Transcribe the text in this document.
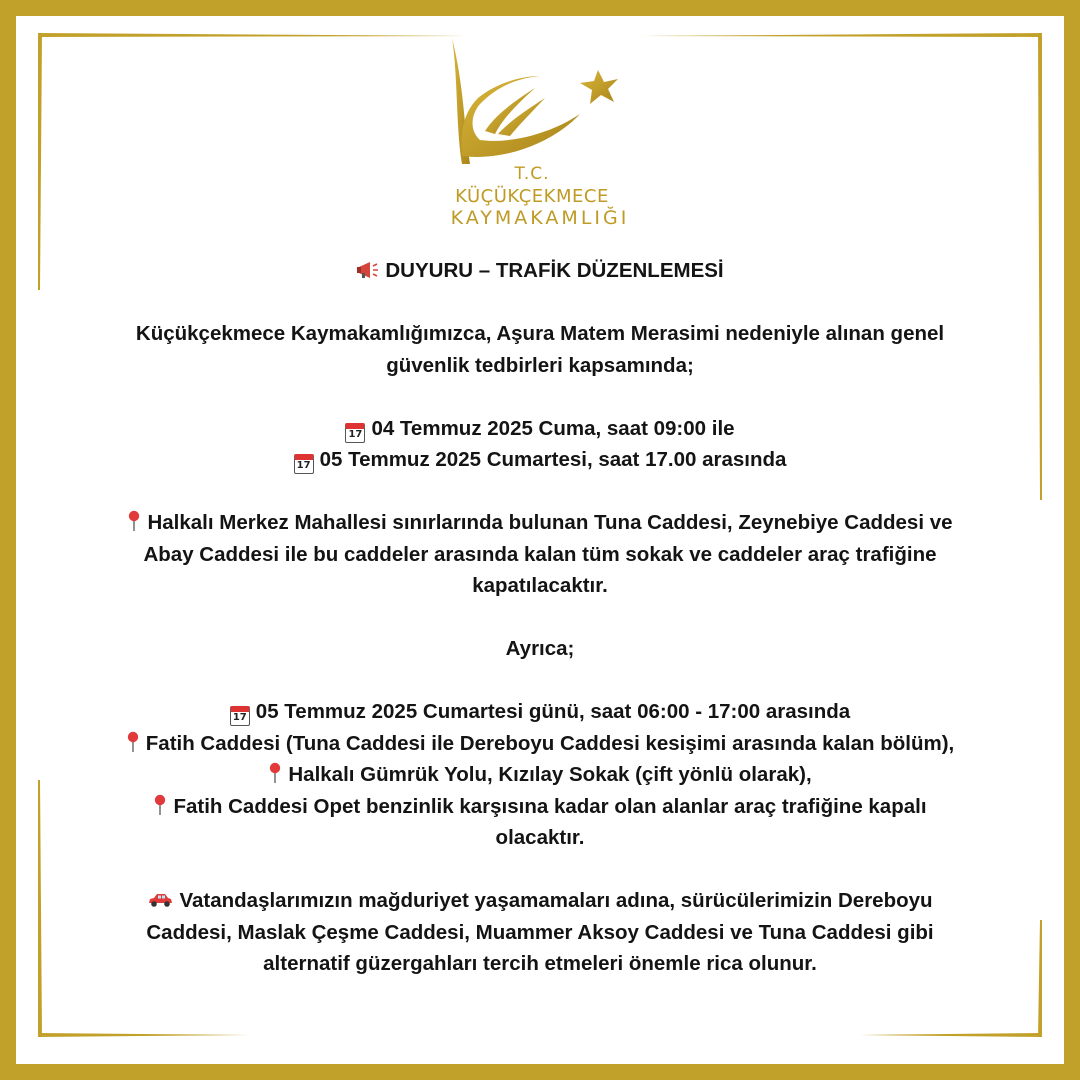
T.C.
KÜÇÜKÇEKMECE
KAYMAKAMLIĞI

DUYURU – TRAFİK DÜZENLEMESİ

Küçükçekmece Kaymakamlığımızca, Aşura Matem Merasimi nedeniyle alınan genel

güvenlik tedbirleri kapsamında;

17 04 Temmuz 2025 Cuma, saat 09:00 ile

17 05 Temmuz 2025 Cumartesi, saat 17.00 arasında

Halkalı Merkez Mahallesi sınırlarında bulunan Tuna Caddesi, Zeynebiye Caddesi ve

Abay Caddesi ile bu caddeler arasında kalan tüm sokak ve caddeler araç trafiğine

kapatılacaktır.

Ayrıca;

17 05 Temmuz 2025 Cumartesi günü, saat 06:00 - 17:00 arasında

Fatih Caddesi (Tuna Caddesi ile Dereboyu Caddesi kesişimi arasında kalan bölüm),

Halkalı Gümrük Yolu, Kızılay Sokak (çift yönlü olarak),

Fatih Caddesi Opet benzinlik karşısına kadar olan alanlar araç trafiğine kapalı

olacaktır.

Vatandaşlarımızın mağduriyet yaşamamaları adına, sürücülerimizin Dereboyu

Caddesi, Maslak Çeşme Caddesi, Muammer Aksoy Caddesi ve Tuna Caddesi gibi

alternatif güzergahları tercih etmeleri önemle rica olunur.
